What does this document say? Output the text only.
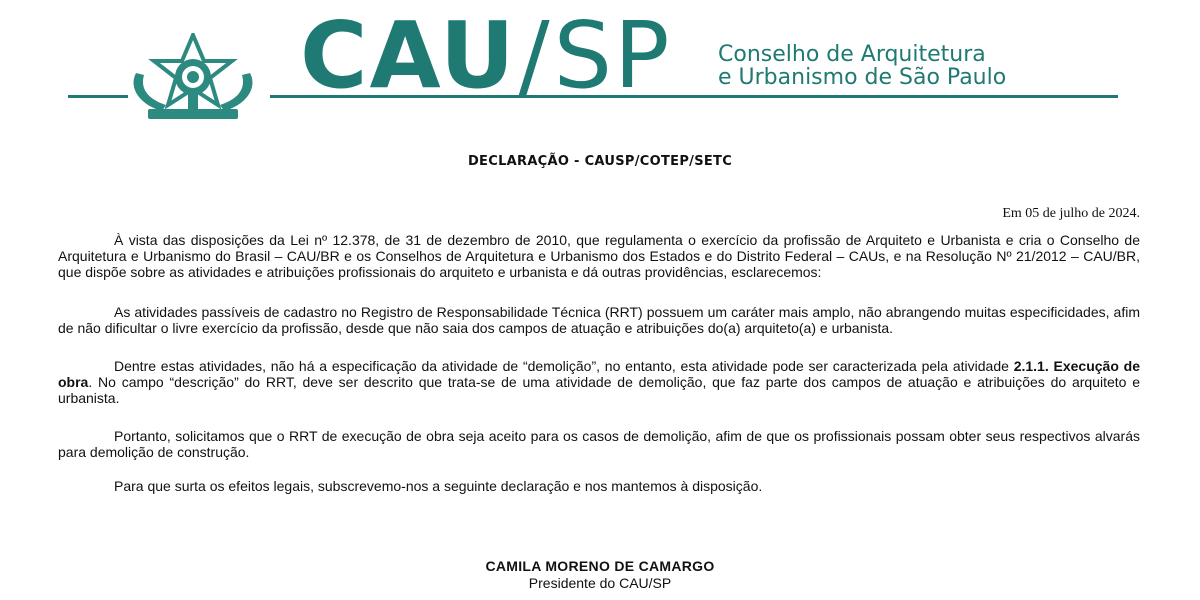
CAU/SP Conselho de Arquitetura
e Urbanismo de São Paulo
DECLARAÇÃO - CAUSP/COTEP/SETC
Em 05 de julho de 2024.

À vista das disposições da Lei nº 12.378, de 31 de dezembro de 2010, que regulamenta o exercício da profissão de Arquiteto e Urbanista e cria o Conselho de Arquitetura e Urbanismo do Brasil – CAU/BR e os Conselhos de Arquitetura e Urbanismo dos Estados e do Distrito Federal – CAUs, e na Resolução Nº 21/2012 – CAU/BR, que dispõe sobre as atividades e atribuições profissionais do arquiteto e urbanista e dá outras providências, esclarecemos:

As atividades passíveis de cadastro no Registro de Responsabilidade Técnica (RRT) possuem um caráter mais amplo, não abrangendo muitas especificidades, afim de não dificultar o livre exercício da profissão, desde que não saia dos campos de atuação e atribuições do(a) arquiteto(a) e urbanista.

Dentre estas atividades, não há a especificação da atividade de “demolição”, no entanto, esta atividade pode ser caracterizada pela atividade 2.1.1. Execução de obra. No campo “descrição” do RRT, deve ser descrito que trata-se de uma atividade de demolição, que faz parte dos campos de atuação e atribuições do arquiteto e urbanista.

Portanto, solicitamos que o RRT de execução de obra seja aceito para os casos de demolição, afim de que os profissionais possam obter seus respectivos alvarás para demolição de construção.

Para que surta os efeitos legais, subscrevemo-nos a seguinte declaração e nos mantemos à disposição.

CAMILA MORENO DE CAMARGO
Presidente do CAU/SP
